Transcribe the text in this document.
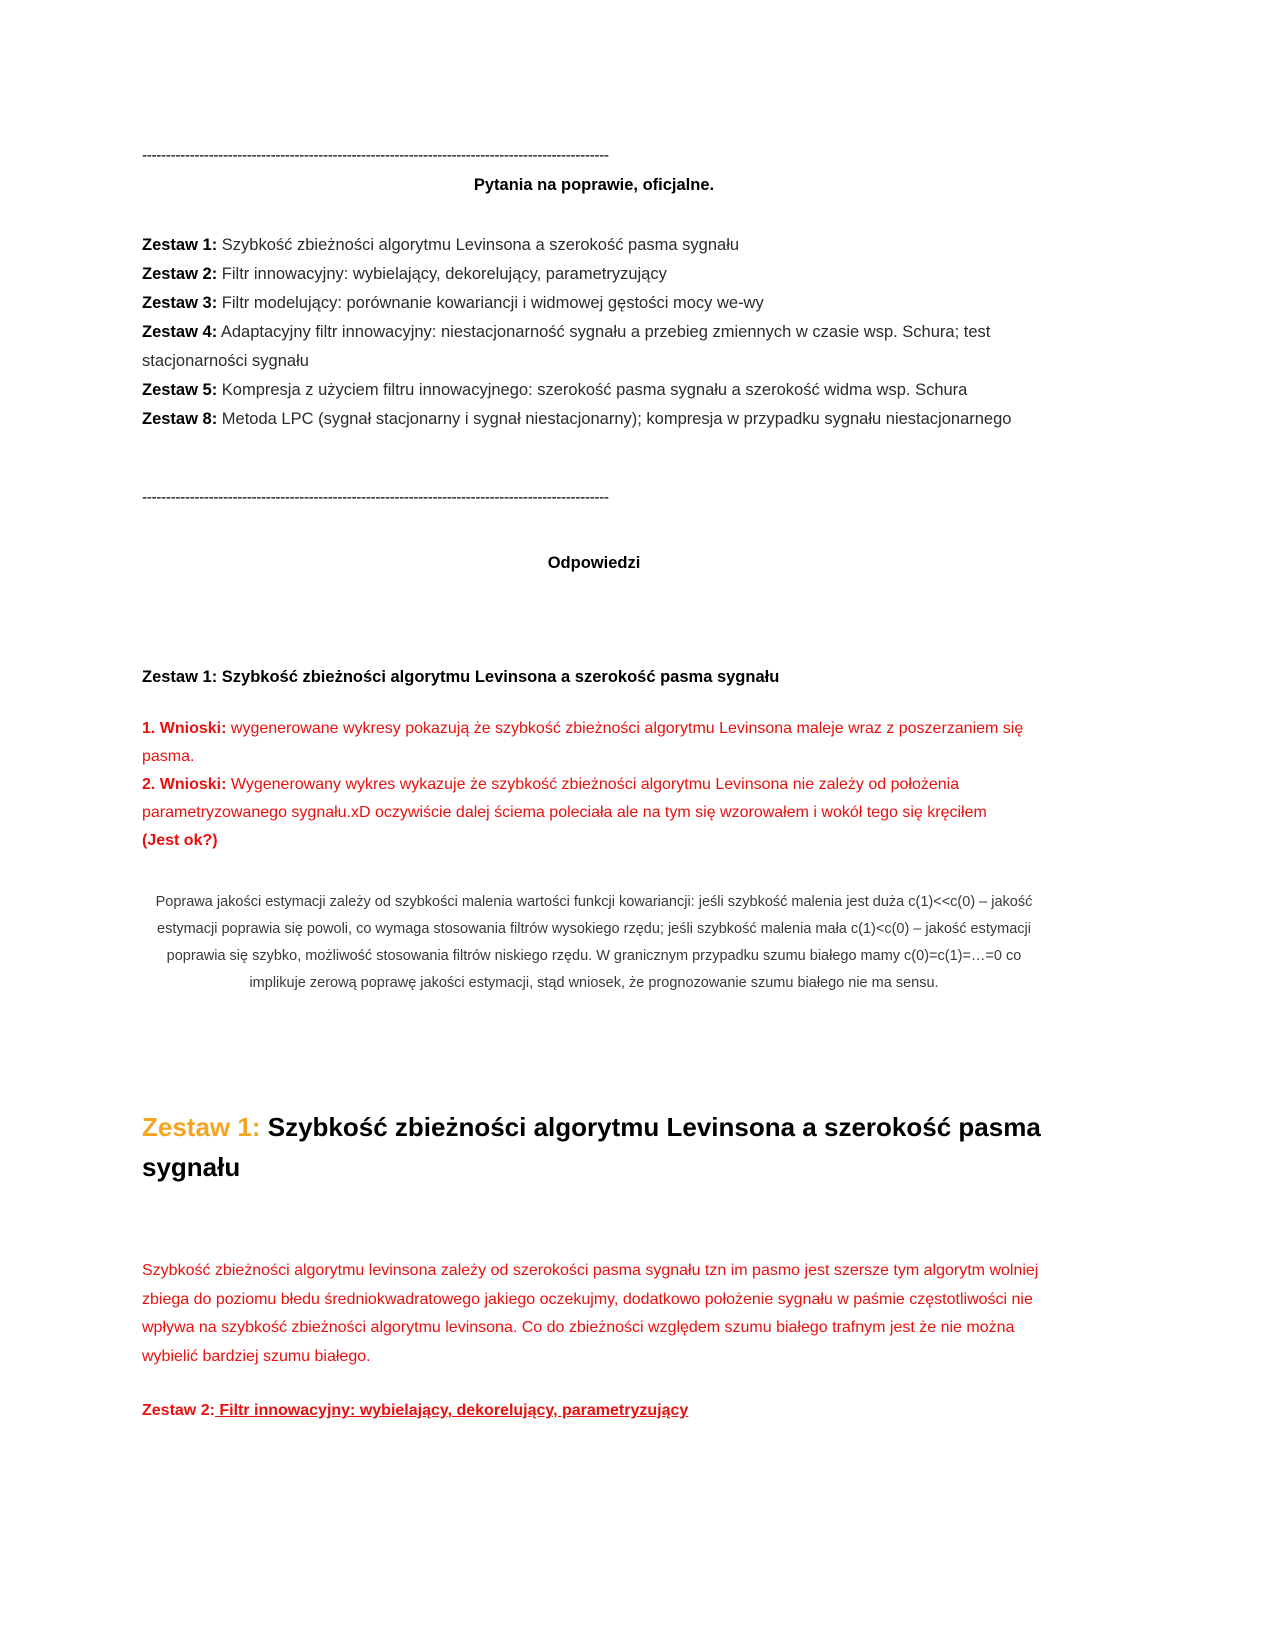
--------------------------------------------------------------------------------------------------
Pytania na poprawie, oficjalne.

Zestaw 1: Szybkość zbieżności algorytmu Levinsona a szerokość pasma sygnału

Zestaw 2: Filtr innowacyjny: wybielający, dekorelujący, parametryzujący

Zestaw 3: Filtr modelujący: porównanie kowariancji i widmowej gęstości mocy we-wy

Zestaw 4: Adaptacyjny filtr innowacyjny: niestacjonarność sygnału a przebieg zmiennych w czasie wsp. Schura; test stacjonarności sygnału

Zestaw 5: Kompresja z użyciem filtru innowacyjnego: szerokość pasma sygnału a szerokość widma wsp. Schura

Zestaw 8: Metoda LPC (sygnał stacjonarny i sygnał niestacjonarny); kompresja w przypadku sygnału niestacjonarnego

--------------------------------------------------------------------------------------------------
Odpowiedzi
Zestaw 1: Szybkość zbieżności algorytmu Levinsona a szerokość pasma sygnału

1. Wnioski: wygenerowane wykresy pokazują że szybkość zbieżności algorytmu Levinsona maleje wraz z poszerzaniem się pasma.

2. Wnioski: Wygenerowany wykres wykazuje że szybkość zbieżności algorytmu Levinsona nie zależy od położenia parametryzowanego sygnału.xD oczywiście dalej ściema poleciała ale na tym się wzorowałem i wokół tego się kręciłem

(Jest ok?)

Poprawa jakości estymacji zależy od szybkości malenia wartości funkcji kowariancji: jeśli szybkość malenia jest duża c(1)<<c(0) – jakość estymacji poprawia się powoli, co wymaga stosowania filtrów wysokiego rzędu; jeśli szybkość malenia mała c(1)<c(0) – jakość estymacji poprawia się szybko, możliwość stosowania filtrów niskiego rzędu. W granicznym przypadku szumu białego mamy c(0)=c(1)=…=0 co implikuje zerową poprawę jakości estymacji, stąd wniosek, że prognozowanie szumu białego nie ma sensu.
Zestaw 1: Szybkość zbieżności algorytmu Levinsona a szerokość pasma sygnału
Szybkość zbieżności algorytmu levinsona zależy od szerokości pasma sygnału tzn im pasmo jest szersze tym algorytm wolniej zbiega do poziomu błedu średniokwadratowego jakiego oczekujmy, dodatkowo położenie sygnału w paśmie częstotliwości nie wpływa na szybkość zbieżności algorytmu levinsona. Co do zbieżności względem szumu białego trafnym jest że nie można wybielić bardziej szumu białego.
Zestaw 2: Filtr innowacyjny: wybielający, dekorelujący, parametryzujący
